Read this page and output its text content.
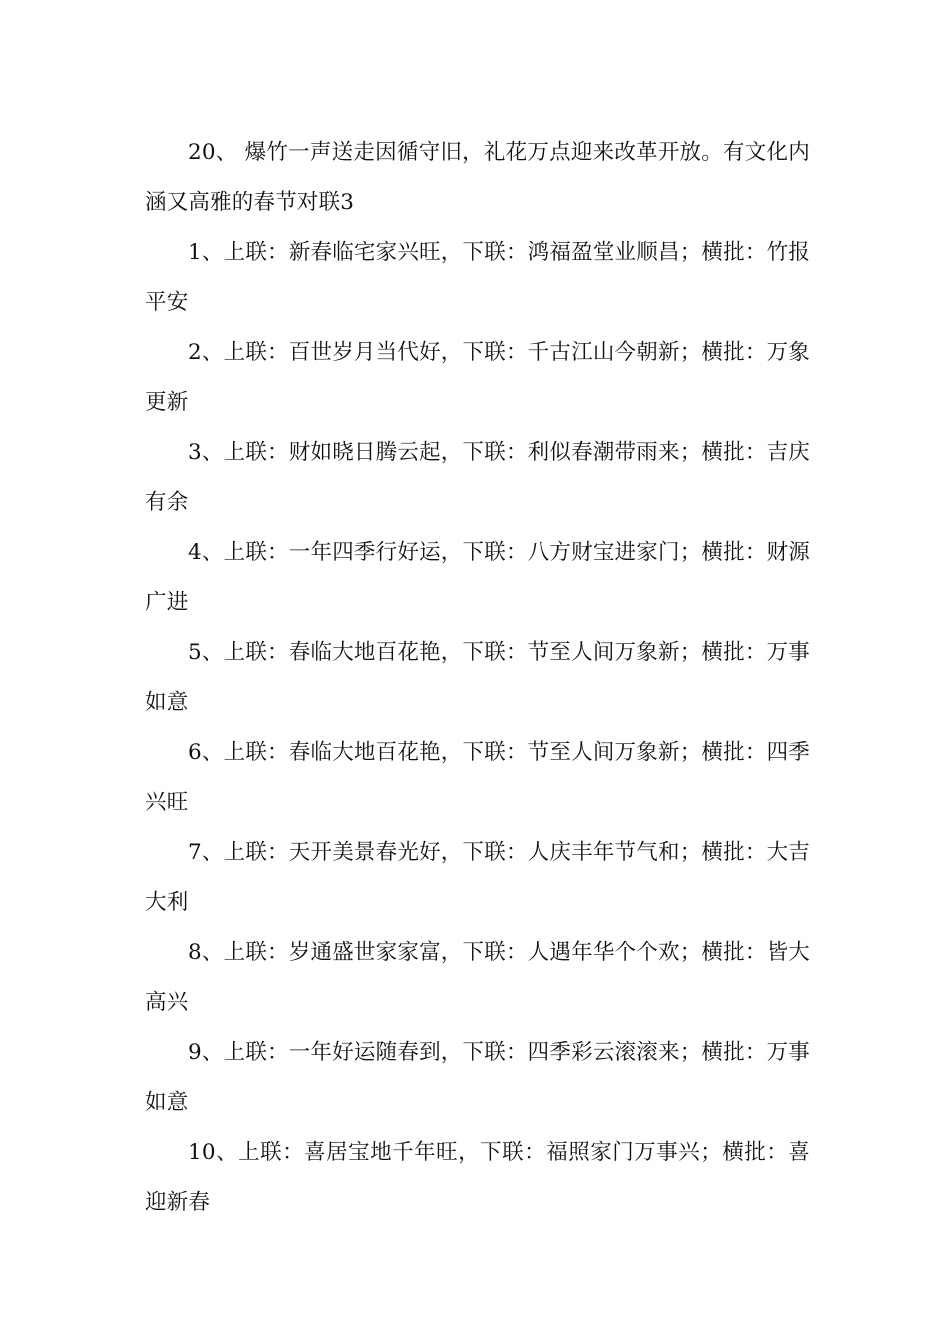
20、 爆竹一声送走因循守旧，礼花万点迎来改革开放。有文化内涵又高雅的春节对联3

1、上联：新春临宅家兴旺，下联：鸿福盈堂业顺昌；横批：竹报平安

2、上联：百世岁月当代好，下联：千古江山今朝新；横批：万象更新

3、上联：财如晓日腾云起，下联：利似春潮带雨来；横批：吉庆有余

4、上联：一年四季行好运，下联：八方财宝进家门；横批：财源广进

5、上联：春临大地百花艳，下联：节至人间万象新；横批：万事如意

6、上联：春临大地百花艳，下联：节至人间万象新；横批：四季兴旺

7、上联：天开美景春光好，下联：人庆丰年节气和；横批：大吉大利

8、上联：岁通盛世家家富，下联：人遇年华个个欢；横批：皆大高兴

9、上联：一年好运随春到，下联：四季彩云滚滚来；横批：万事如意

10、上联：喜居宝地千年旺，下联：福照家门万事兴；横批：喜迎新春
